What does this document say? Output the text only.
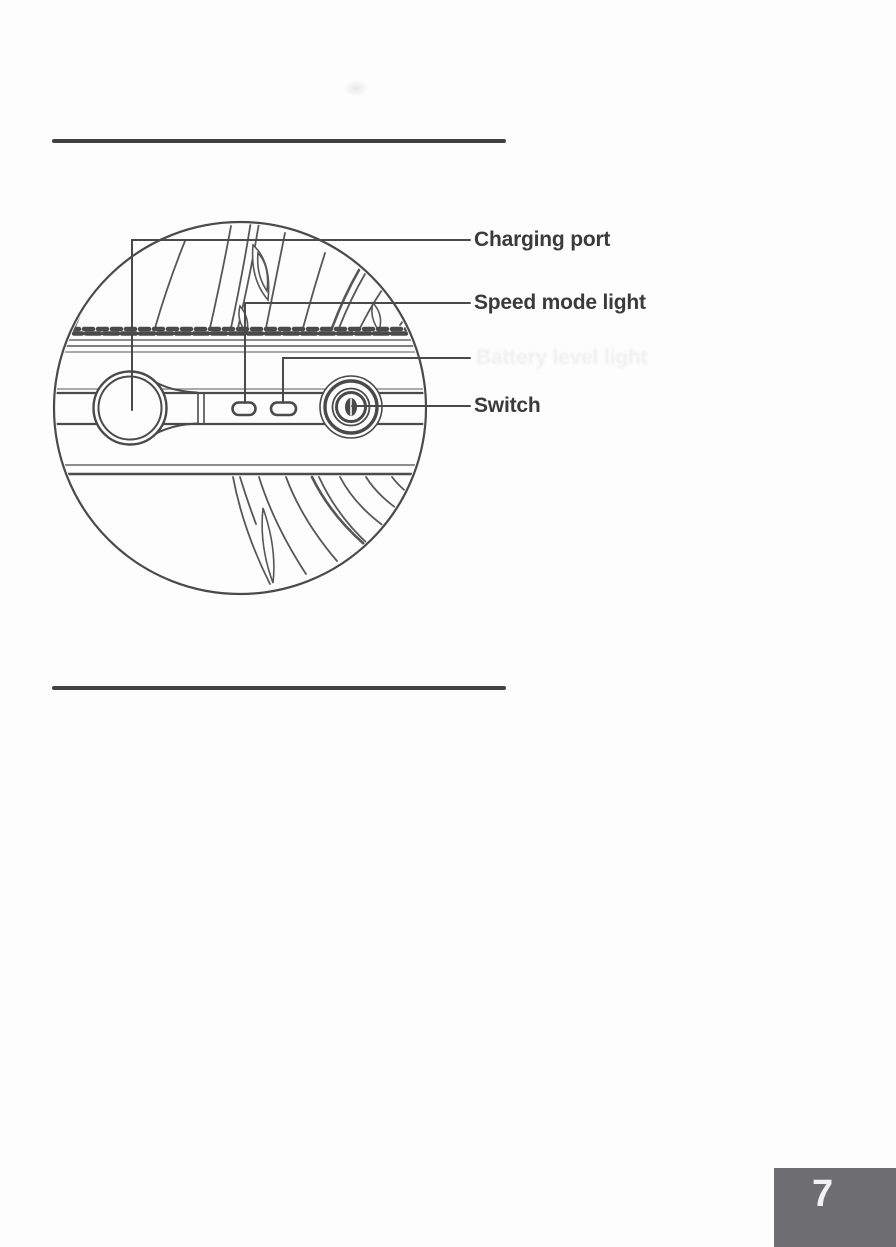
Charging port
Speed mode light
Battery level light
Switch
7
